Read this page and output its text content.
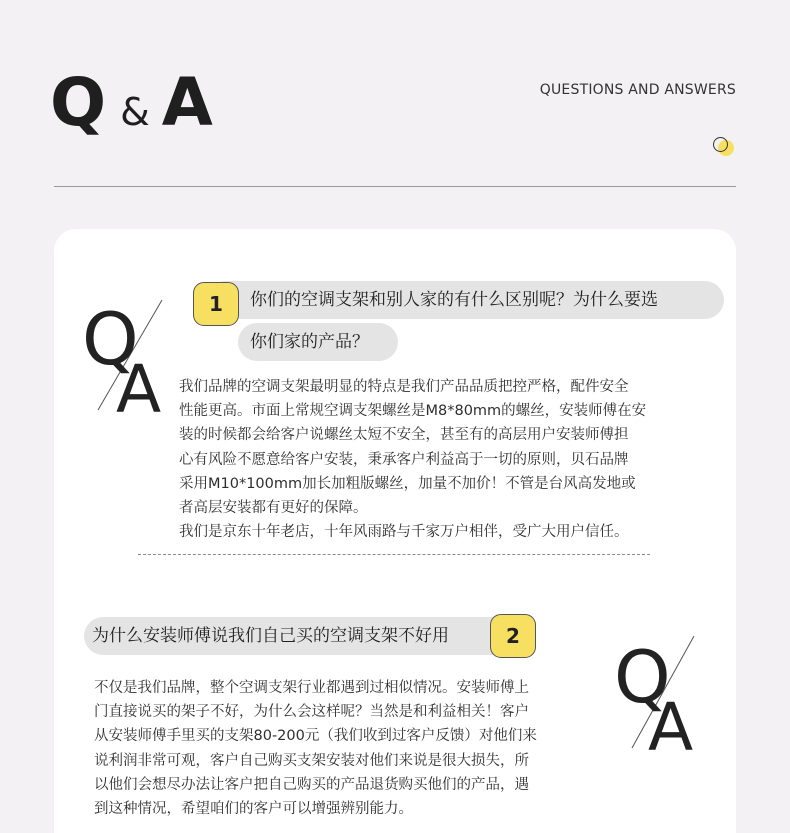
Q & A	QUESTIONS AND ANSWERS
Q
A
你们的空调支架和别人家的有什么区别呢？为什么要选
你们家的产品？
1

我们品牌的空调支架最明显的特点是我们产品品质把控严格，配件安全

性能更高。市面上常规空调支架螺丝是M8*80mm的螺丝，安装师傅在安

装的时候都会给客户说螺丝太短不安全，甚至有的高层用户安装师傅担

心有风险不愿意给客户安装，秉承客户利益高于一切的原则，贝石品牌

采用M10*100mm加长加粗版螺丝，加量不加价！不管是台风高发地或

者高层安装都有更好的保障。

我们是京东十年老店，十年风雨路与千家万户相伴，受广大用户信任。

为什么安装师傅说我们自己买的空调支架不好用	2 Q
A

不仅是我们品牌，整个空调支架行业都遇到过相似情况。安装师傅上

门直接说买的架子不好，为什么会这样呢？当然是和利益相关！客户

从安装师傅手里买的支架80-200元（我们收到过客户反馈）对他们来

说利润非常可观，客户自己购买支架安装对他们来说是很大损失，所

以他们会想尽办法让客户把自己购买的产品退货购买他们的产品，遇

到这种情况，希望咱们的客户可以增强辨别能力。
